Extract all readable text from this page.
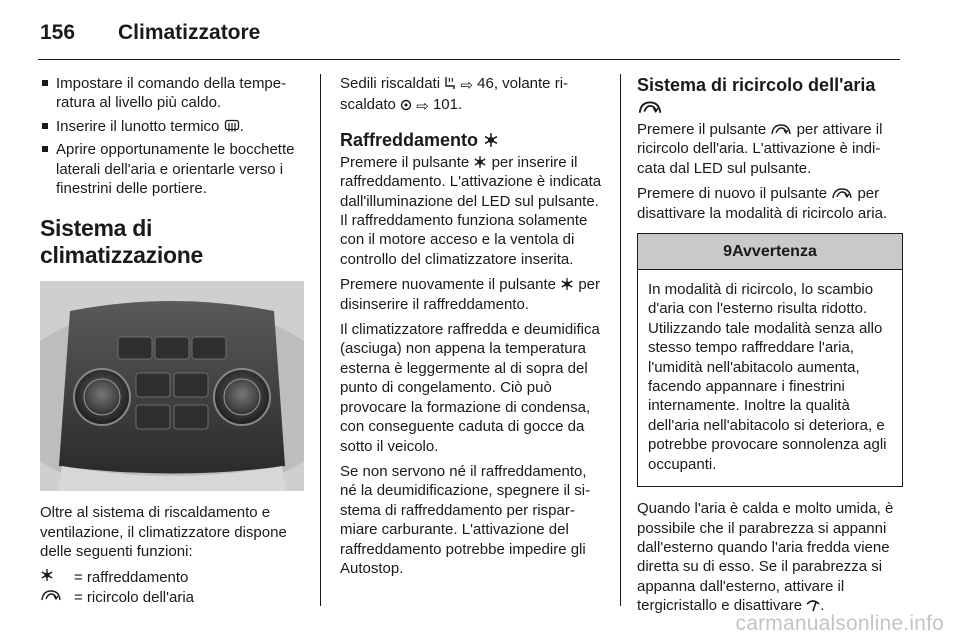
156 Climatizzatore
Impostare il comando della temperatura al livello più caldo.
Inserire il lunotto termico .
Aprire opportunamente le bocchette laterali dell'aria e orientarle verso i finestrini delle portiere.
Sistema di climatizzazione

Oltre al sistema di riscaldamento e ventilazione, il climatizzatore dispone delle seguenti funzioni:

= raffreddamento
= ricircolo dell'aria

Sedili riscaldati ⇨ 46, volante riscaldato ⇨ 101.

Raffreddamento

Premere il pulsante per inserire il raffreddamento. L'attivazione è indicata dall'illuminazione del LED sul pulsante. Il raffreddamento funziona solamente con il motore acceso e la ventola di controllo del climatizzatore inserita.

Premere nuovamente il pulsante per disinserire il raffreddamento.

Il climatizzatore raffredda e deumidifica (asciuga) non appena la temperatura esterna è leggermente al di sopra del punto di congelamento. Ciò può provocare la formazione di condensa, con conseguente caduta di gocce da sotto il veicolo.

Se non servono né il raffreddamento, né la deumidificazione, spegnere il sistema di raffreddamento per risparmiare carburante. L'attivazione del raffreddamento potrebbe impedire gli Autostop.

Sistema di ricircolo dell'aria

Premere il pulsante per attivare il ricircolo dell'aria. L'attivazione è indicata dal LED sul pulsante.

Premere di nuovo il pulsante per disattivare la modalità di ricircolo aria.

9 Avvertenza
In modalità di ricircolo, lo scambio d'aria con l'esterno risulta ridotto. Utilizzando tale modalità senza allo stesso tempo raffreddare l'aria, l'umidità nell'abitacolo aumenta, facendo appannare i finestrini internamente. Inoltre la qualità dell'aria nell'abitacolo si deteriora, e potrebbe provocare sonnolenza agli occupanti.

Quando l'aria è calda e molto umida, è possibile che il parabrezza si appanni dall'esterno quando l'aria fredda viene diretta su di esso. Se il parabrezza si appanna dall'esterno, attivare il tergicristallo e disattivare .

carmanualsonline.info
